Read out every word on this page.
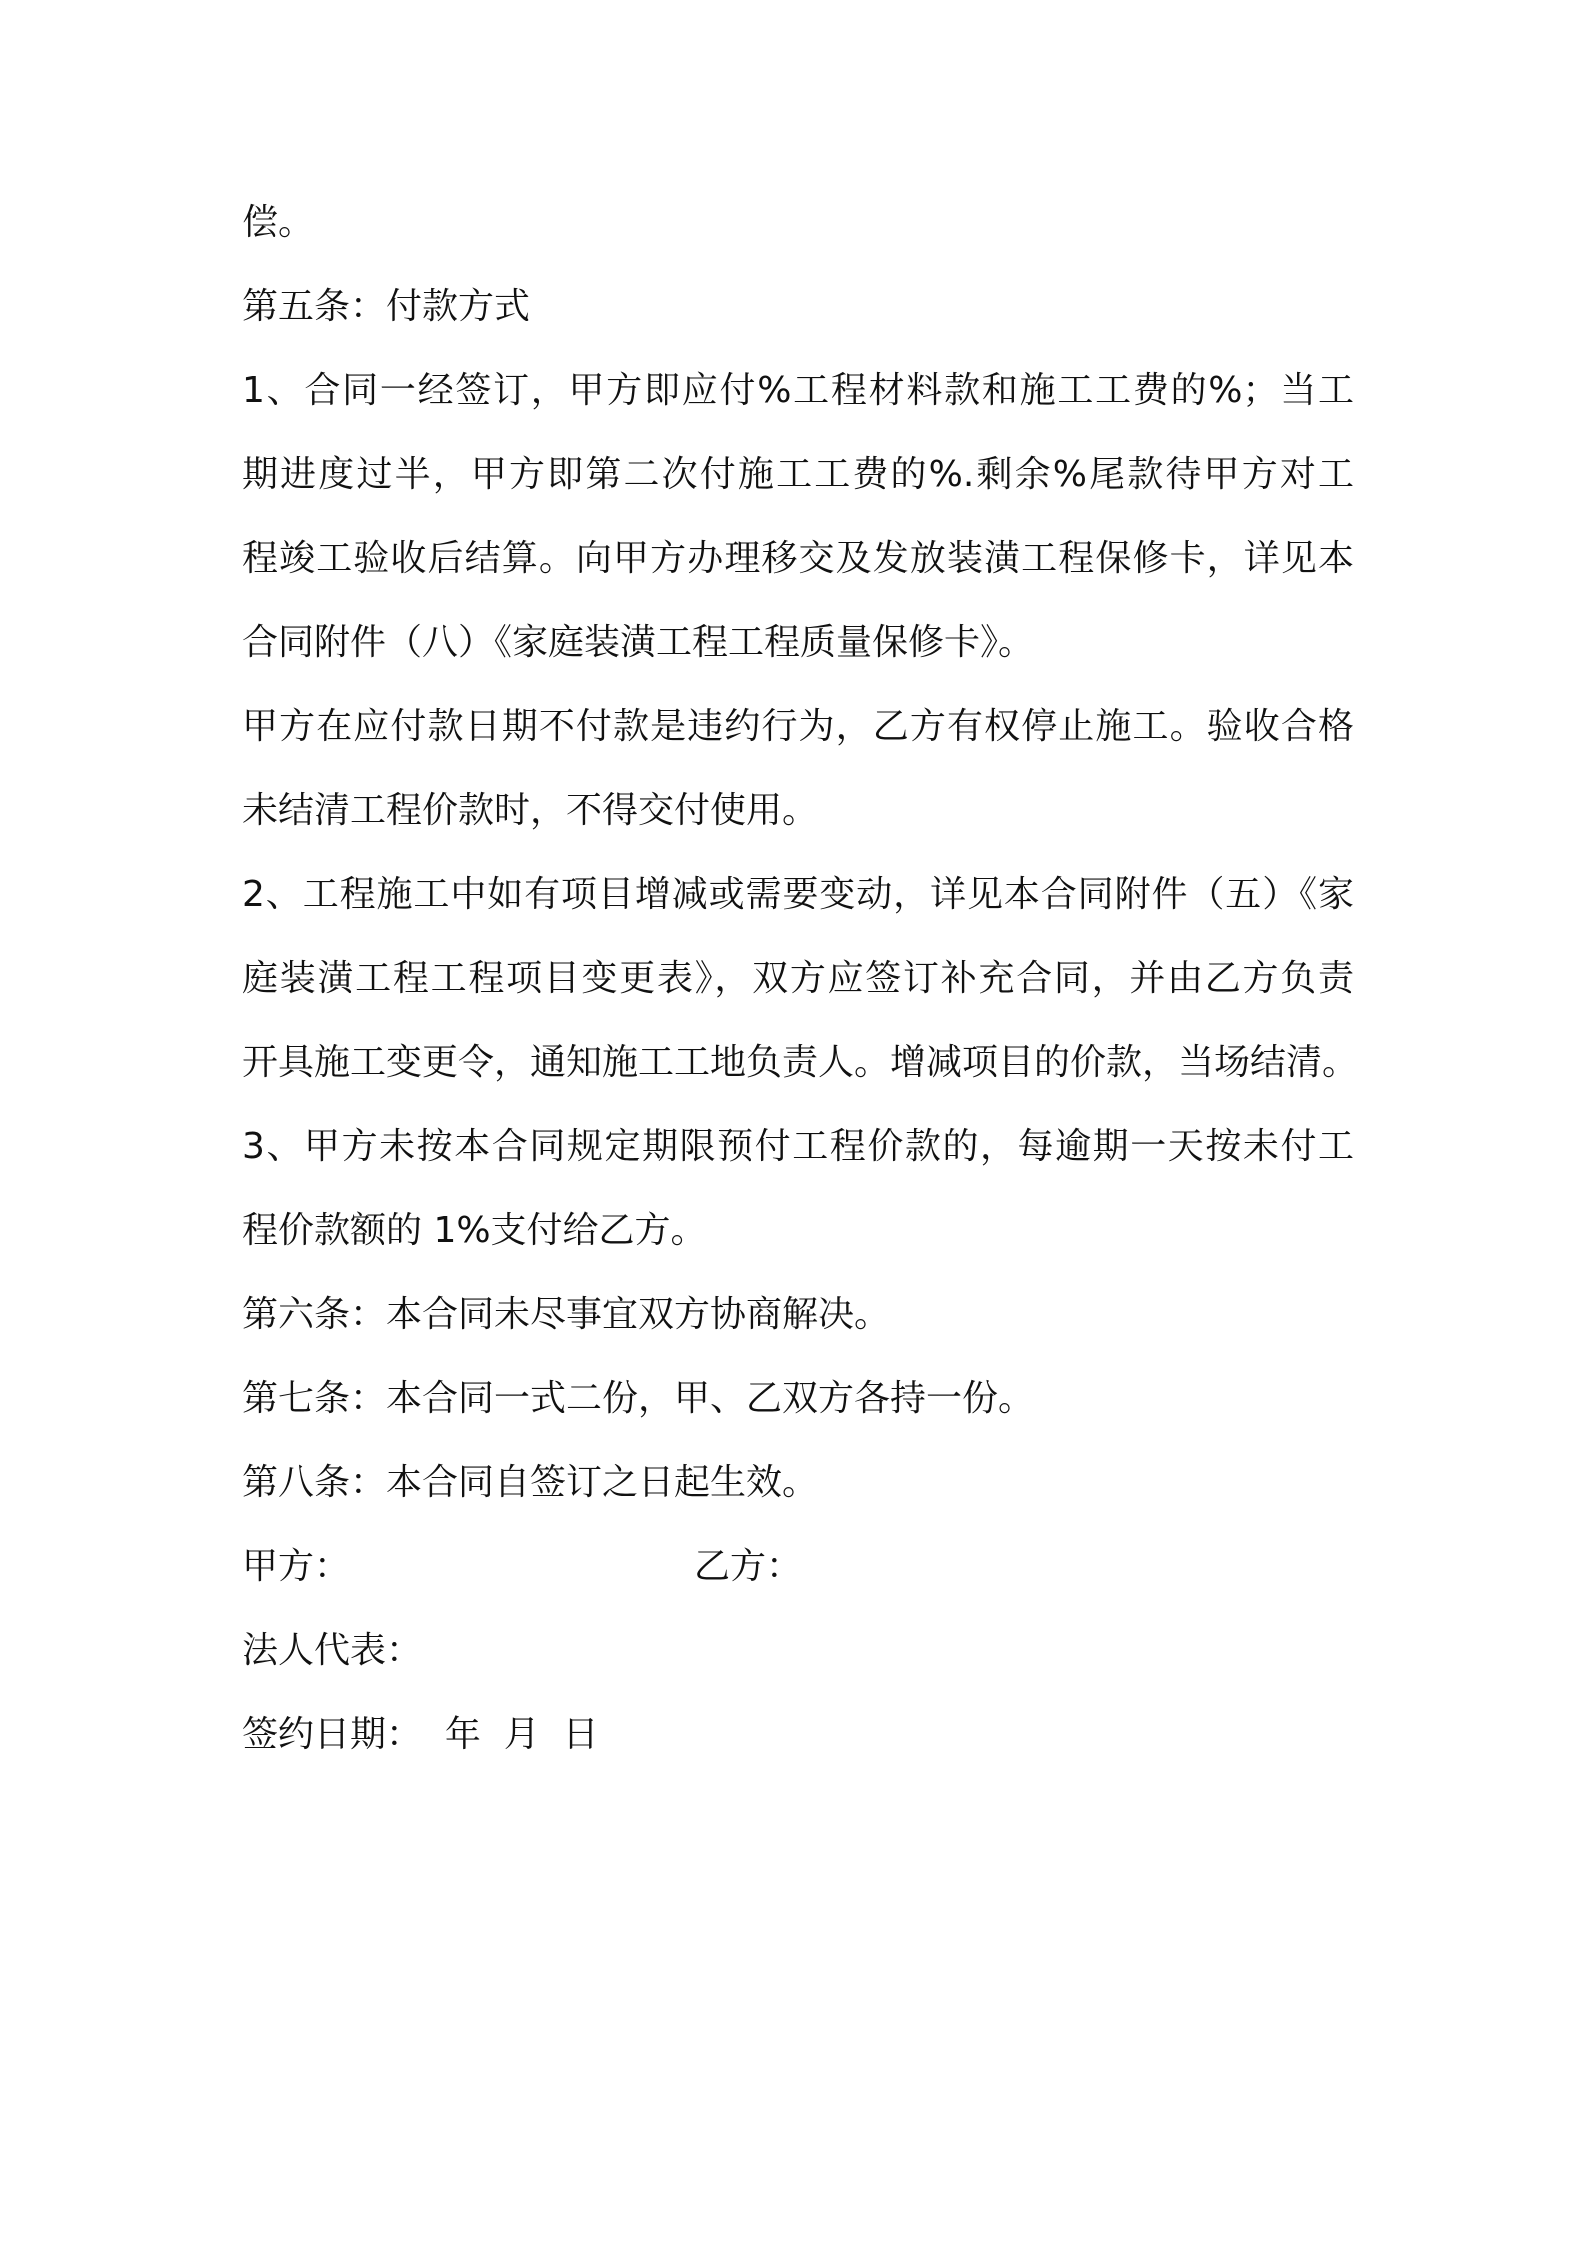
偿。

第五条：付款方式

1、合同一经签订，甲方即应付%工程材料款和施工工费的%；当工

期进度过半，甲方即第二次付施工工费的%.剩余%尾款待甲方对工

程竣工验收后结算。向甲方办理移交及发放装潢工程保修卡，详见本

合同附件（八）《家庭装潢工程工程质量保修卡》。

甲方在应付款日期不付款是违约行为，乙方有权停止施工。验收合格

未结清工程价款时，不得交付使用。

2、工程施工中如有项目增减或需要变动，详见本合同附件（五）《家

庭装潢工程工程项目变更表》，双方应签订补充合同，并由乙方负责

开具施工变更令，通知施工工地负责人。增减项目的价款，当场结清。

3、甲方未按本合同规定期限预付工程价款的，每逾期一天按未付工

程价款额的 1%支付给乙方。

第六条：本合同未尽事宜双方协商解决。

第七条：本合同一式二份，甲、乙双方各持一份。

第八条：本合同自签订之日起生效。

甲方：	乙方：

法人代表：

签约日期：  年  月  日
